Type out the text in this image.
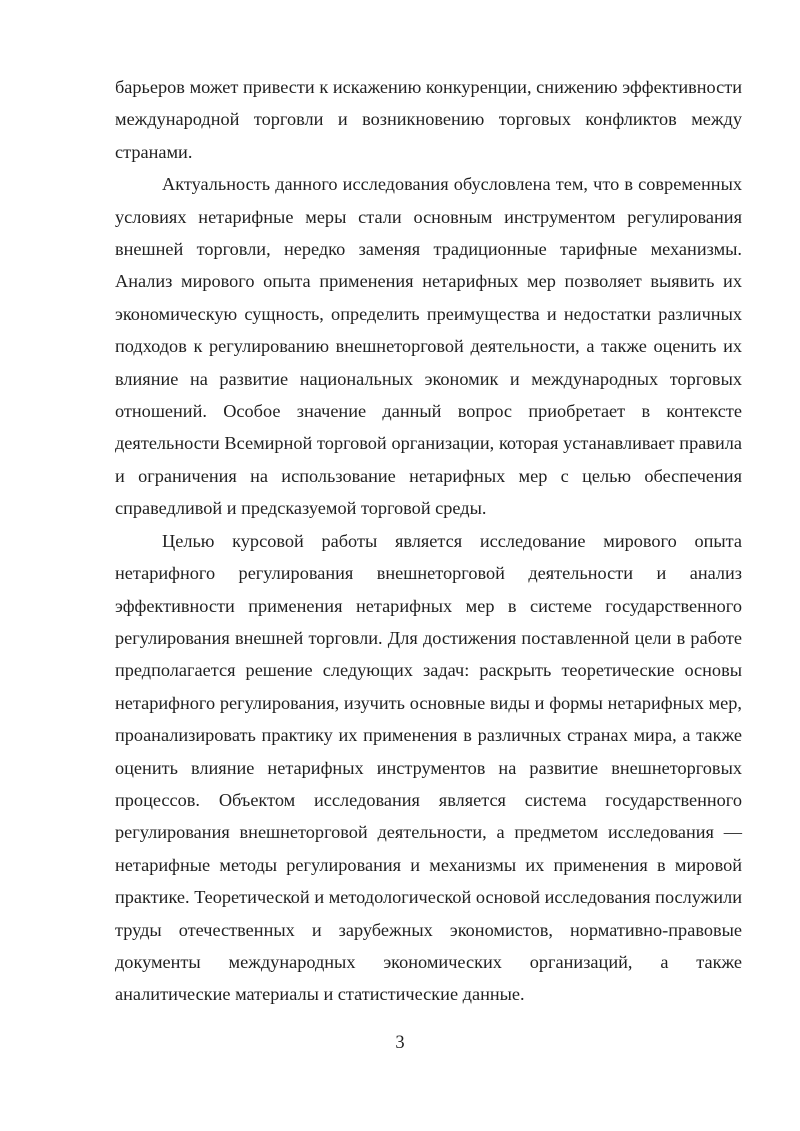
барьеров может привести к искажению конкуренции, снижению эффективности международной торговли и возникновению торговых конфликтов между странами.

Актуальность данного исследования обусловлена тем, что в современных условиях нетарифные меры стали основным инструментом регулирования внешней торговли, нередко заменяя традиционные тарифные механизмы. Анализ мирового опыта применения нетарифных мер позволяет выявить их экономическую сущность, определить преимущества и недостатки различных подходов к регулированию внешнеторговой деятельности, а также оценить их влияние на развитие национальных экономик и международных торговых отношений. Особое значение данный вопрос приобретает в контексте деятельности Всемирной торговой организации, которая устанавливает правила и ограничения на использование нетарифных мер с целью обеспечения справедливой и предсказуемой торговой среды.

Целью курсовой работы является исследование мирового опыта нетарифного регулирования внешнеторговой деятельности и анализ эффективности применения нетарифных мер в системе государственного регулирования внешней торговли. Для достижения поставленной цели в работе предполагается решение следующих задач: раскрыть теоретические основы нетарифного регулирования, изучить основные виды и формы нетарифных мер, проанализировать практику их применения в различных странах мира, а также оценить влияние нетарифных инструментов на развитие внешнеторговых процессов. Объектом исследования является система государственного регулирования внешнеторговой деятельности, а предметом исследования — нетарифные методы регулирования и механизмы их применения в мировой практике. Теоретической и методологической основой исследования послужили труды отечественных и зарубежных экономистов, нормативно-правовые документы международных экономических организаций, а также аналитические материалы и статистические данные.

3
